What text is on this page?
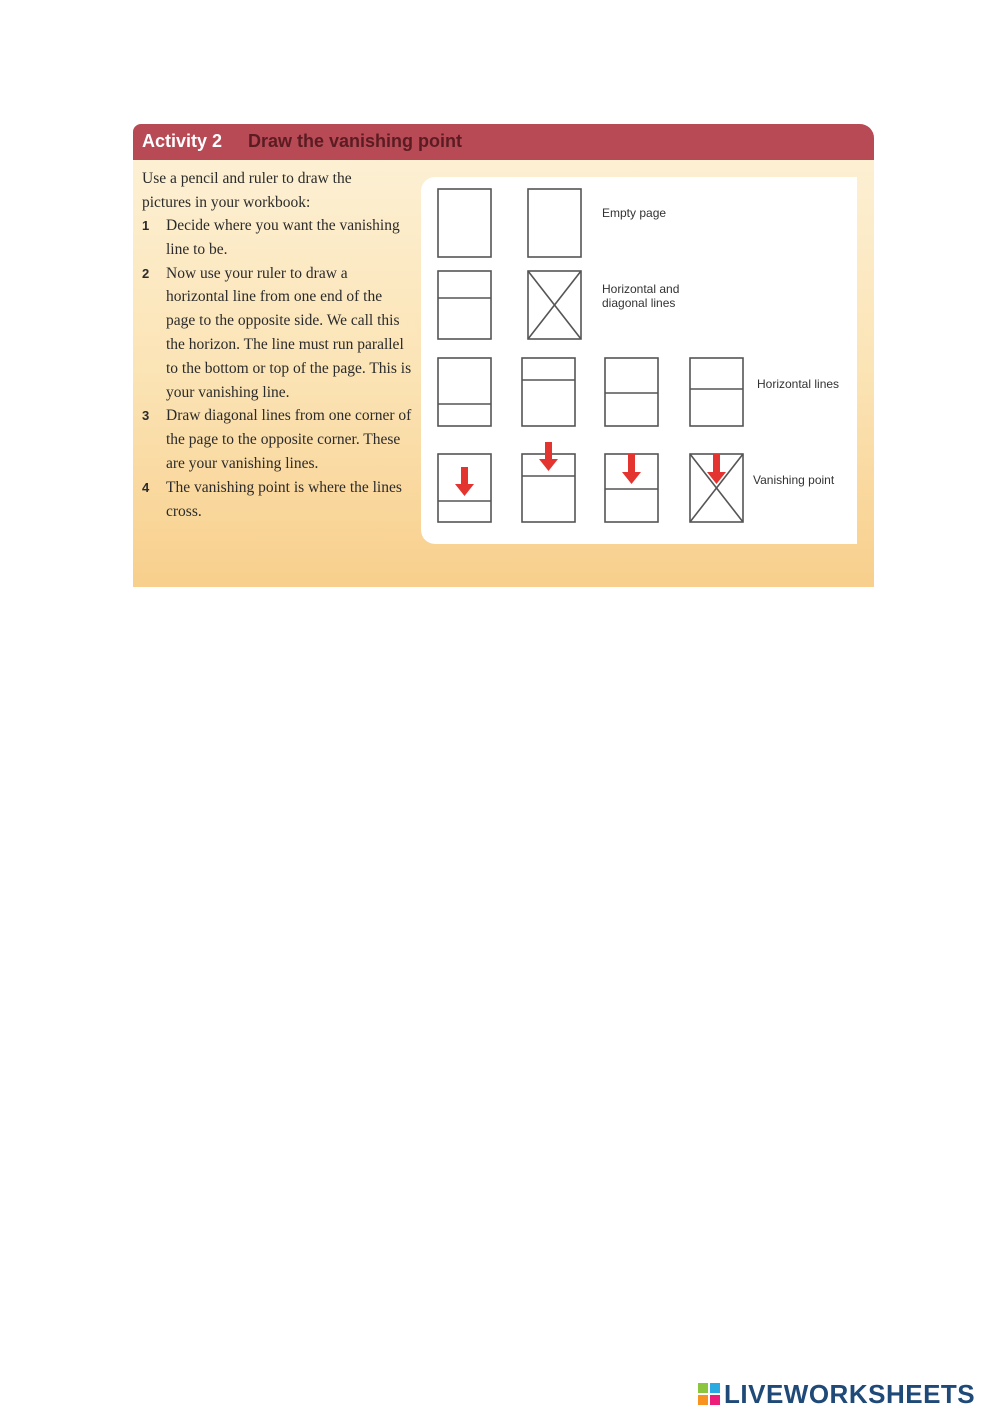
Activity 2 Draw the vanishing point
Use a pencil and ruler to draw the pictures in your workbook:
1 Decide where you want the vanishing line to be.
2 Now use your ruler to draw a horizontal line from one end of the page to the opposite side. We call this the horizon. The line must run parallel to the bottom or top of the page. This is your vanishing line.
3 Draw diagonal lines from one corner of the page to the opposite corner. These are your vanishing lines.
4 The vanishing point is where the lines cross.
Empty page
Horizontal and
diagonal lines
Horizontal lines
Vanishing point
LIVEWORKSHEETS
